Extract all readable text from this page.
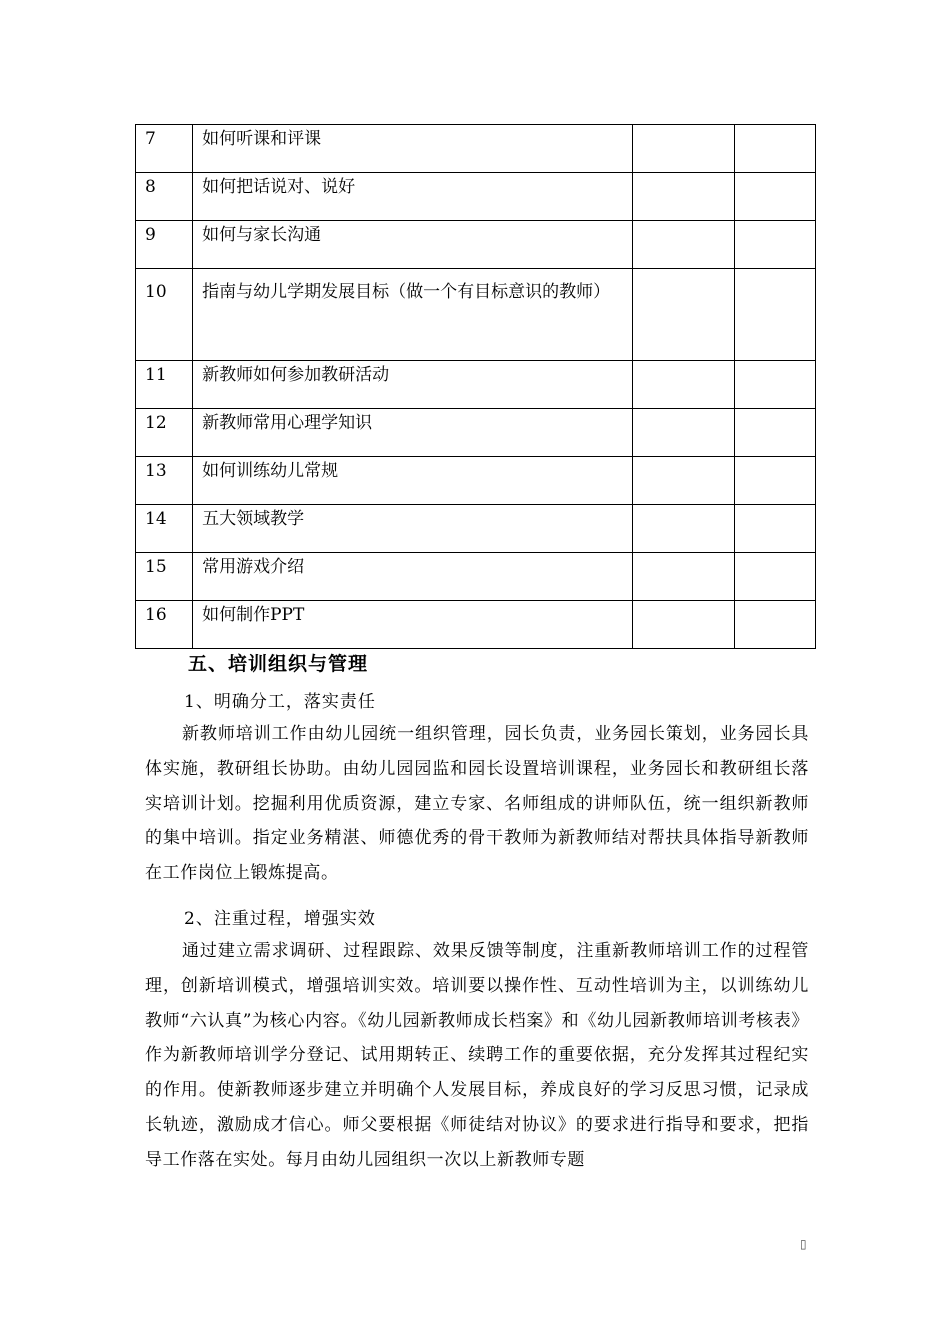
7	如何听课和评课		
8	如何把话说对、说好		
9	如何与家长沟通		
10	指南与幼儿学期发展目标（做一个有目标意识的教师）		
11	新教师如何参加教研活动		
12	新教师常用心理学知识		
13	如何训练幼儿常规		
14	五大领域教学		
15	常用游戏介绍		
16	如何制作PPT		
五、培训组织与管理
1、明确分工，落实责任
新教师培训工作由幼儿园统一组织管理，园长负责，业务园长策划，业务园长具体实施，教研组长协助。由幼儿园园监和园长设置培训课程，业务园长和教研组长落实培训计划。挖掘利用优质资源，建立专家、名师组成的讲师队伍，统一组织新教师的集中培训。指定业务精湛、师德优秀的骨干教师为新教师结对帮扶具体指导新教师在工作岗位上锻炼提高。
2、注重过程，增强实效
通过建立需求调研、过程跟踪、效果反馈等制度，注重新教师培训工作的过程管理，创新培训模式，增强培训实效。培训要以操作性、互动性培训为主，以训练幼儿教师“六认真”为核心内容。《幼儿园新教师成长档案》和《幼儿园新教师培训考核表》作为新教师培训学分登记、试用期转正、续聘工作的重要依据，充分发挥其过程纪实的作用。使新教师逐步建立并明确个人发展目标，养成良好的学习反思习惯，记录成长轨迹，激励成才信心。师父要根据《师徒结对协议》的要求进行指导和要求，把指导工作落在实处。每月由幼儿园组织一次以上新教师专题
▯
